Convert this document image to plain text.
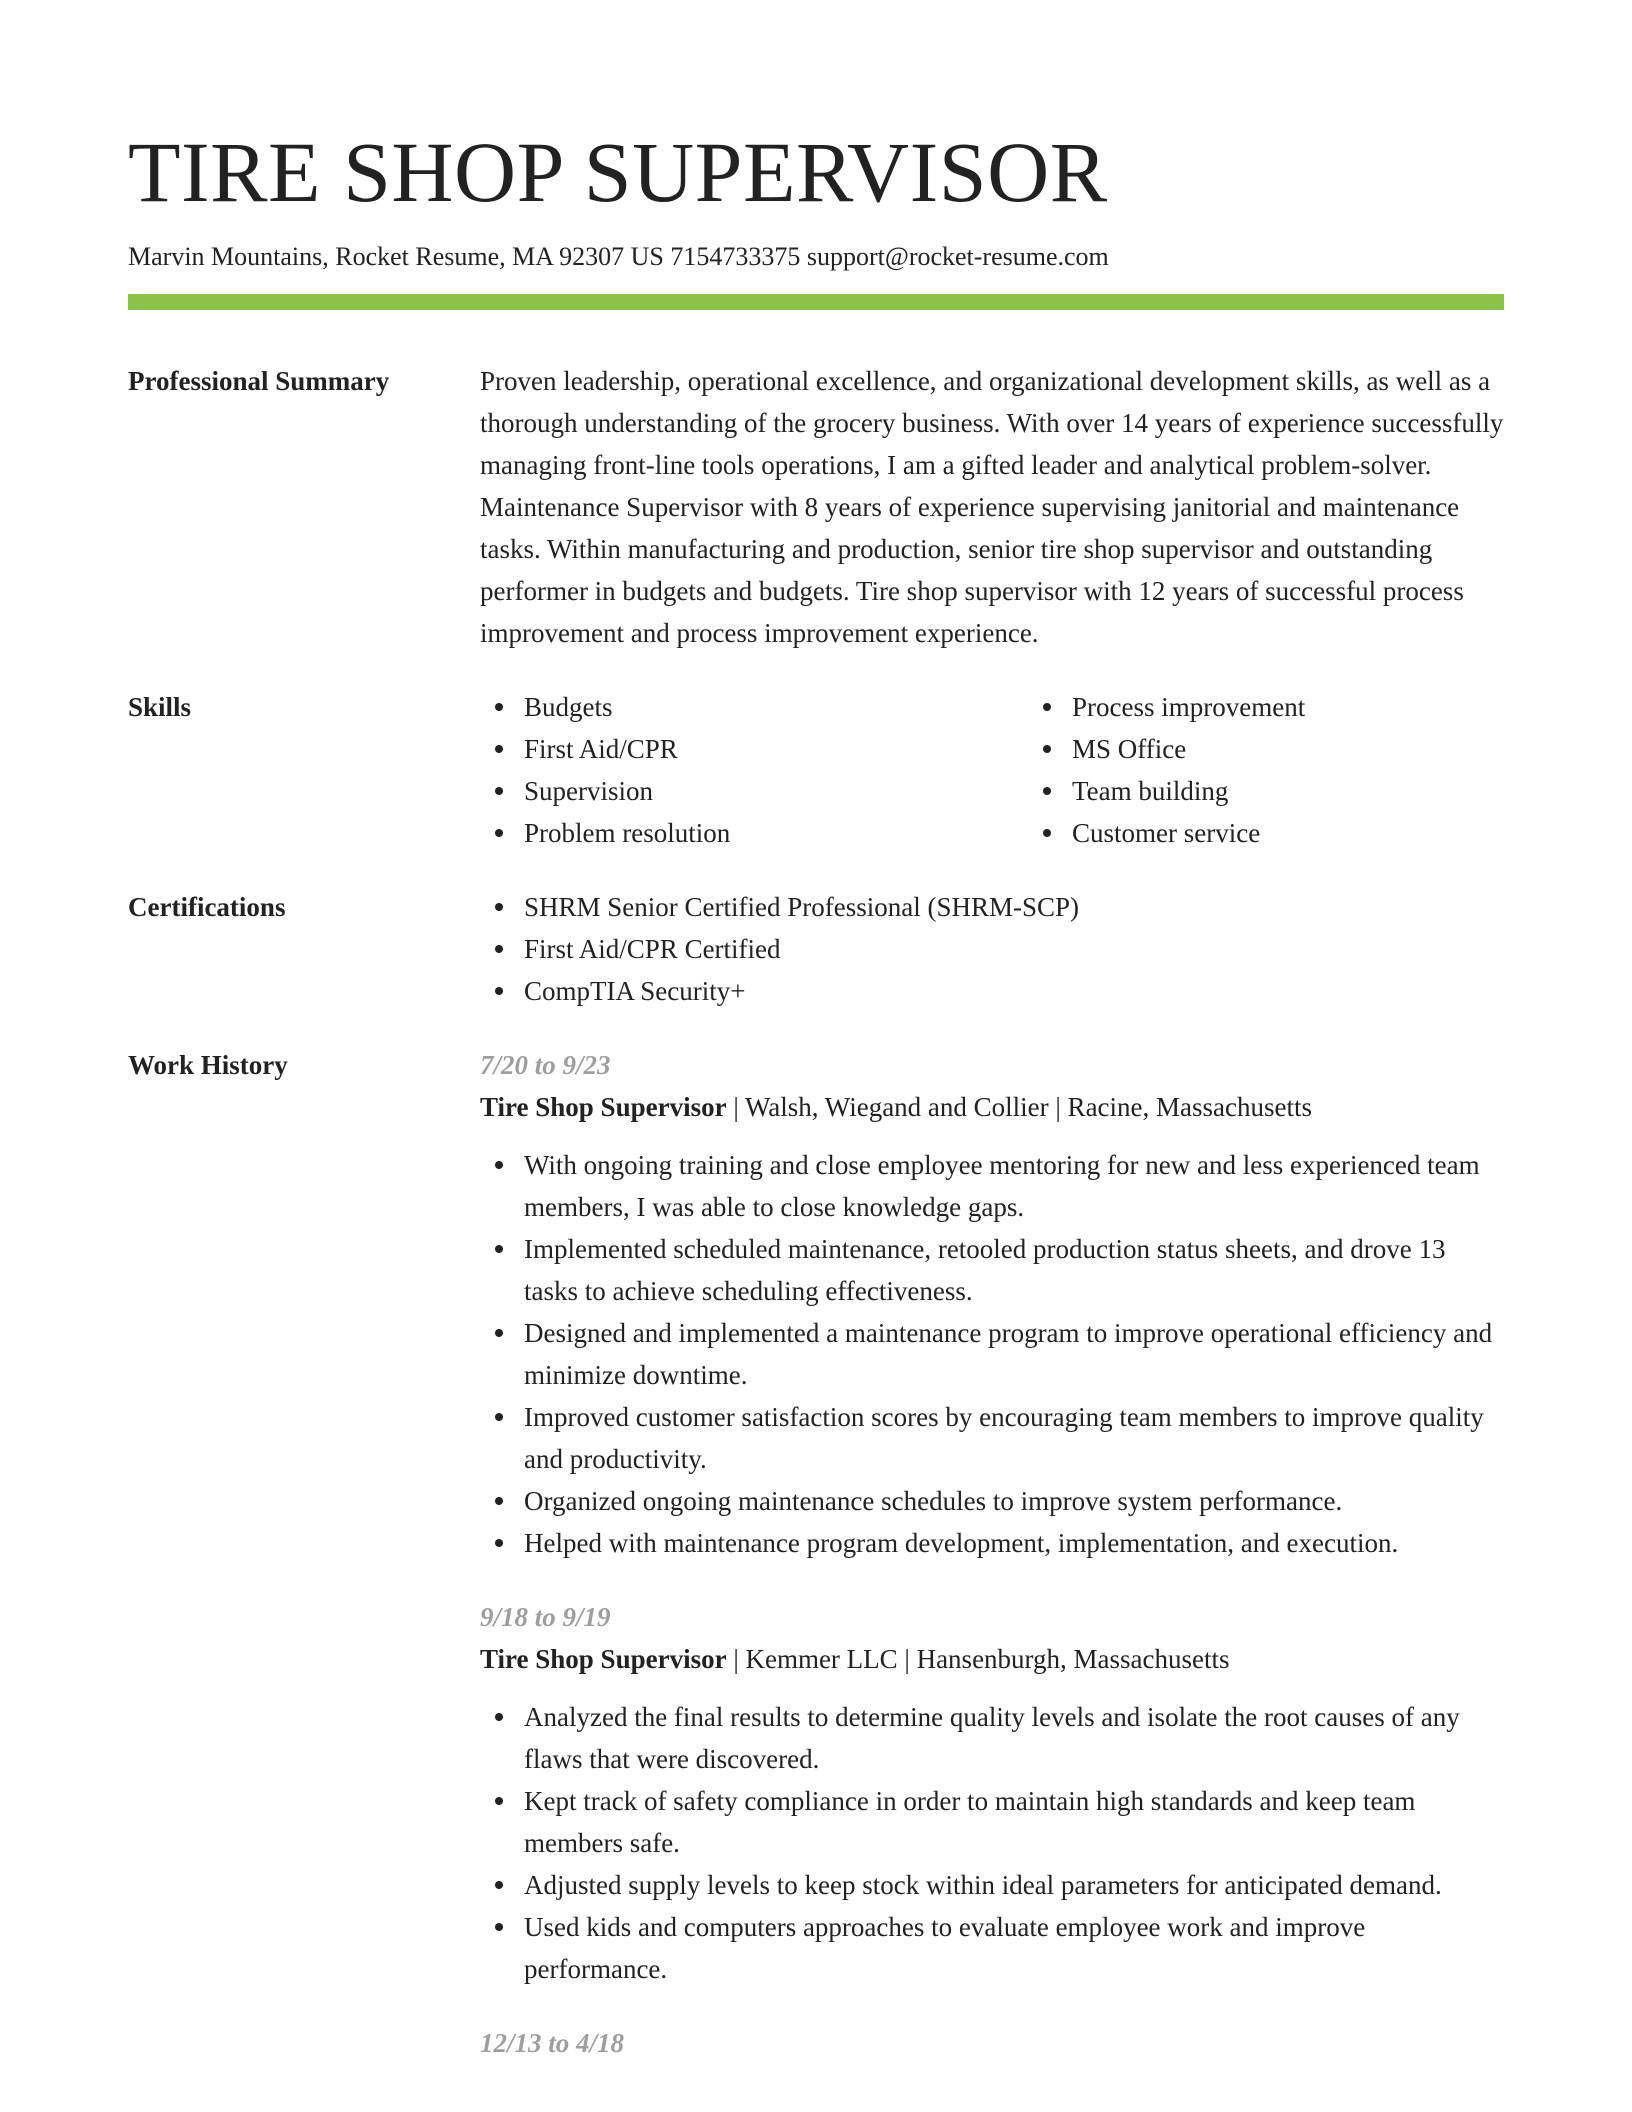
TIRE SHOP SUPERVISOR
Marvin Mountains, Rocket Resume, MA 92307 US 7154733375 support@rocket-resume.com
Professional Summary	Proven leadership, operational excellence, and organizational development skills, as well as a thorough understanding of the grocery business. With over 14 years of experience successfully managing front-line tools operations, I am a gifted leader and analytical problem-solver. Maintenance Supervisor with 8 years of experience supervising janitorial and maintenance tasks. Within manufacturing and production, senior tire shop supervisor and outstanding performer in budgets and budgets. Tire shop supervisor with 12 years of successful process improvement and process improvement experience.
Skills	Budgets
First Aid/CPR
Supervision
Problem resolution
Process improvement
MS Office
Team building
Customer service
Certifications	SHRM Senior Certified Professional (SHRM-SCP)
First Aid/CPR Certified
CompTIA Security+
Work History	7/20 to 9/23
Tire Shop Supervisor | Walsh, Wiegand and Collier | Racine, Massachusetts
With ongoing training and close employee mentoring for new and less experienced team members, I was able to close knowledge gaps.
Implemented scheduled maintenance, retooled production status sheets, and drove 13 tasks to achieve scheduling effectiveness.
Designed and implemented a maintenance program to improve operational efficiency and minimize downtime.
Improved customer satisfaction scores by encouraging team members to improve quality and productivity.
Organized ongoing maintenance schedules to improve system performance.
Helped with maintenance program development, implementation, and execution.
9/18 to 9/19
Tire Shop Supervisor | Kemmer LLC | Hansenburgh, Massachusetts
Analyzed the final results to determine quality levels and isolate the root causes of any flaws that were discovered.
Kept track of safety compliance in order to maintain high standards and keep team members safe.
Adjusted supply levels to keep stock within ideal parameters for anticipated demand.
Used kids and computers approaches to evaluate employee work and improve performance.
12/13 to 4/18
